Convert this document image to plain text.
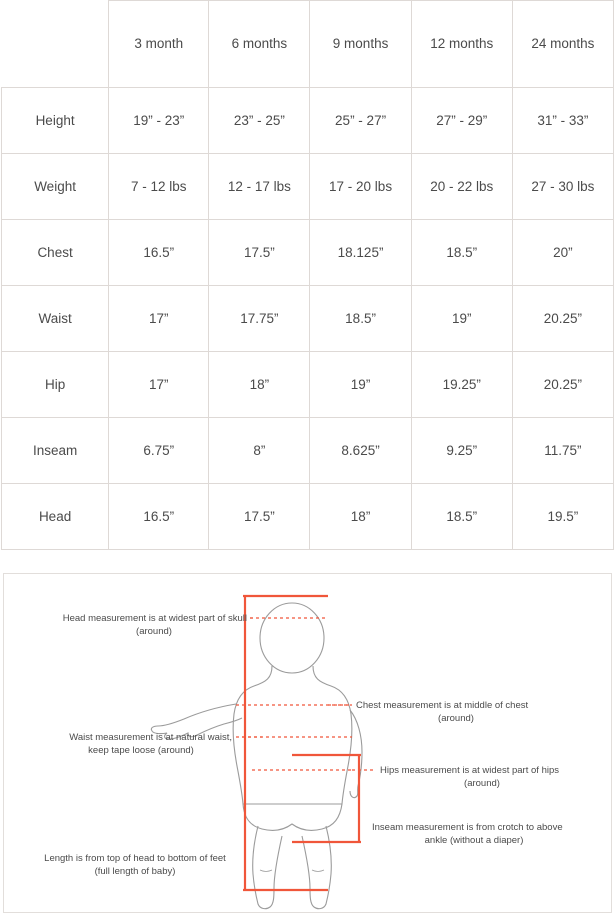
	3 month	6 months	9 months	12 months	24 months
Height	19” - 23”	23” - 25”	25” - 27”	27” - 29”	31” - 33”
Weight	7 - 12 lbs	12 - 17 lbs	17 - 20 lbs	20 - 22 lbs	27 - 30 lbs
Chest	16.5”	17.5”	18.125”	18.5”	20”
Waist	17”	17.75”	18.5”	19”	20.25”
Hip	17”	18”	19”	19.25”	20.25”
Inseam	6.75”	8”	8.625”	9.25”	11.75”
Head	16.5”	17.5”	18”	18.5”	19.5”
Head measurement is at widest part of skull
(around)
Chest measurement is at middle of chest
(around)
Waist measurement is at natural waist,
keep tape loose (around)
Hips measurement is at widest part of hips
(around)
Inseam measurement is from crotch to above
ankle (without a diaper)
Length is from top of head to bottom of feet
(full length of baby)
